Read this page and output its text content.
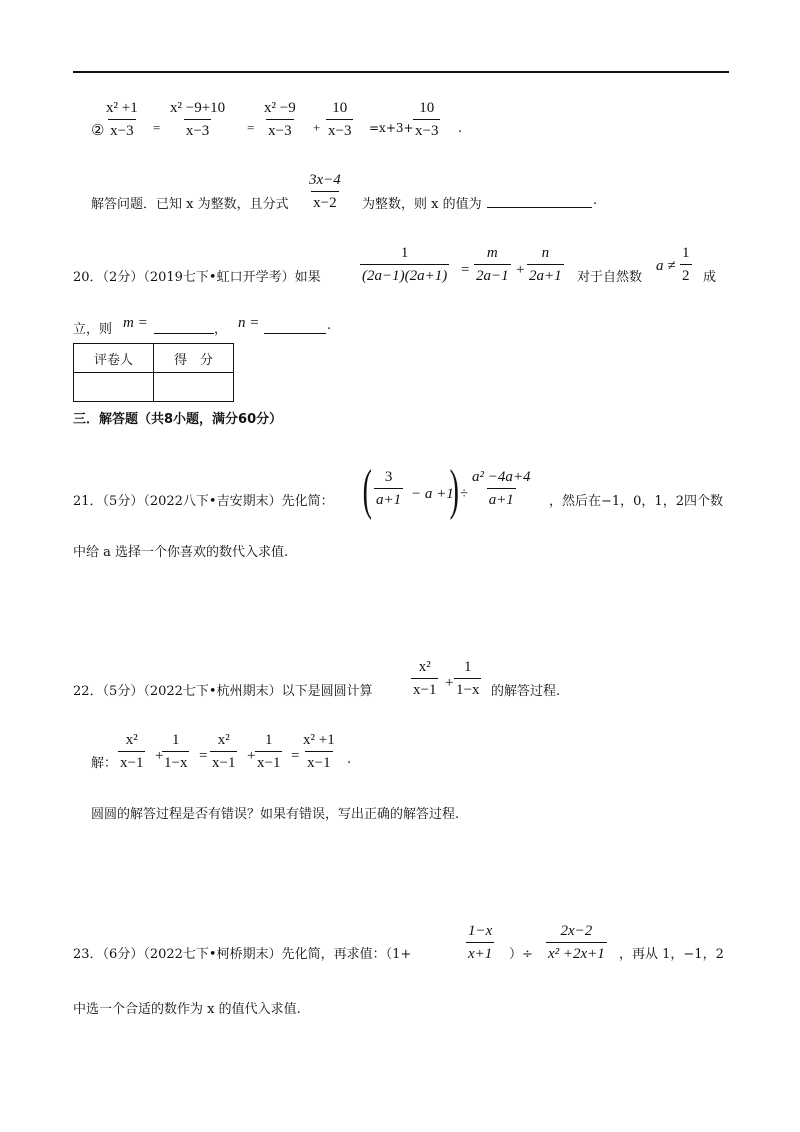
② $\frac{\text{x² +1}}{x-3} = \frac{\text{x² −9+10}}{x-3} = \frac{\text{x² −9}}{x-3} + \frac{10}{x-3} =x+3+ \frac{10}{x-3}$ .
解答问题．已知 x 为整数，且分式 $\frac{3x-4}{x-2}$ 为整数，则 x 的值为	.
20．（2分）（2019七下•虹口开学考）如果	$\frac{1}{(2a-1)(2a+1)} = \frac{m}{2a-1} + \frac{n}{2a+1}$ 对于自然数
$a \ne \frac{1}{2}$ 成
立，则 m =	， n =	.
评卷人	得　分

三．解答题（共8小题，满分60分）
21．（5分）（2022八下•吉安期末）先化简： ( $\frac{3}{a+1} - a +1$
) ÷ $\frac{\text{a² −4a+4}}{a+1}$ ，然后在−1，0，1，2四个数
中给 a 选择一个你喜欢的数代入求值.
22．（5分）（2022七下•杭州期末）以下是圆圆计算	$\frac{\text{x²}}{x-1} + \frac{1}{1-x}$ 的解答过程.
解： $\frac{\text{x²}}{x-1}$ +
$\frac{1}{1-x} = \frac{\text{x²}}{x-1} + \frac{1}{x-1} = \frac{\text{x² +1}}{x-1}$ .
圆圆的解答过程是否有错误？如果有错误，写出正确的解答过程.
23．（6分）（2022七下•柯桥期末）先化简，再求值：（1+	$\frac{1-x}{x+1}$ ）÷ $\frac{2x-2}{\text{x² +2x+1}}$ ，再从 1，−1，2
中选一个合适的数作为 x 的值代入求值.
